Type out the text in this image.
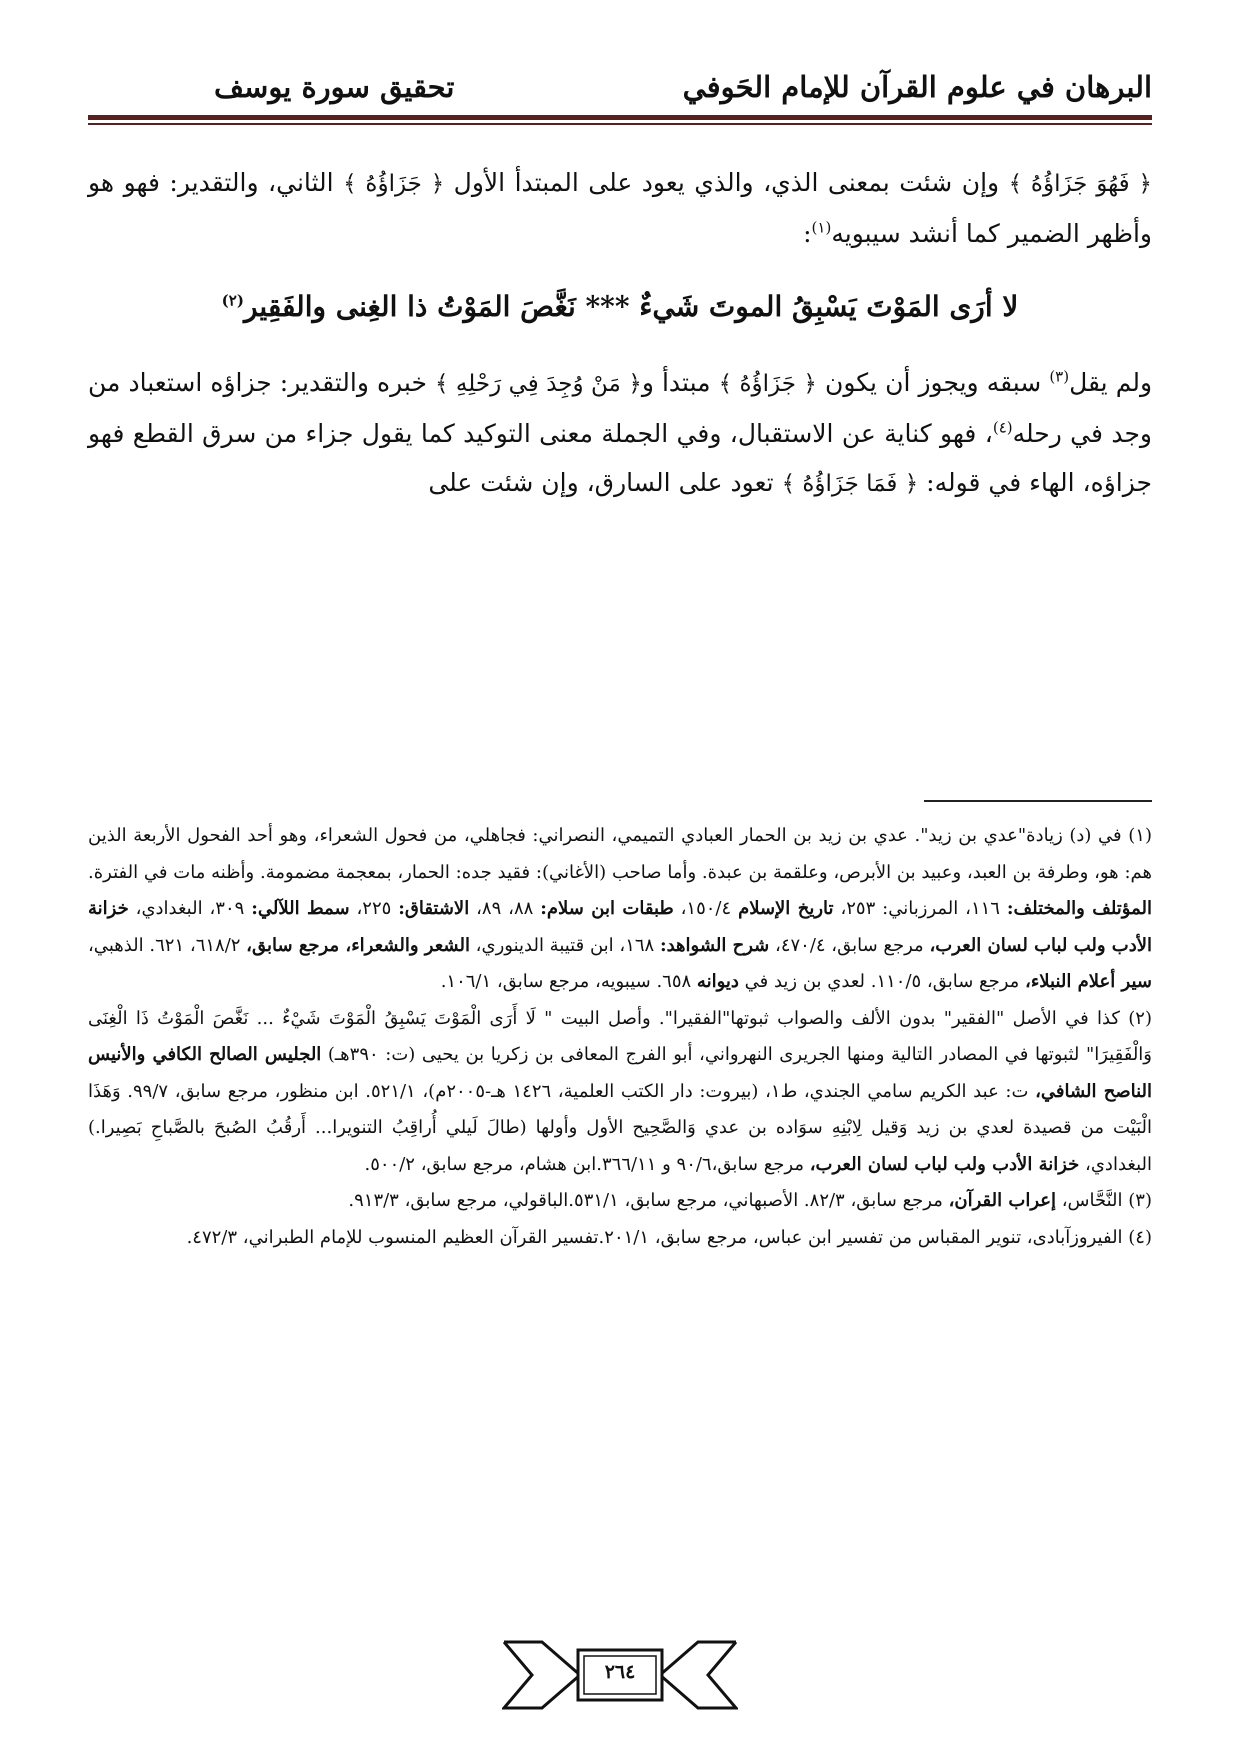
البرهان في علوم القرآن للإمام الحَوفي
تحقيق سورة يوسف

﴿ فَهُوَ جَزَاؤُهُ ﴾ وإن شئت بمعنى الذي، والذي يعود على المبتدأ الأول ﴿ جَزَاؤُهُ ﴾ الثاني، والتقدير: فهو هو وأظهر الضمير كما أنشد سيبويه$^{(١)}$:

لا أرَى المَوْتَ يَسْبِقُ الموتَ شَيءٌ *** نَغَّصَ المَوْتُ ذا الغِنى والفَقِير$^{(٢)}$

ولم يقل$^{(٣)}$ سبقه ويجوز أن يكون ﴿ جَزَاؤُهُ ﴾ مبتدأ و﴿ مَنْ وُجِدَ فِي رَحْلِهِ ﴾ خبره والتقدير: جزاؤه استعباد من وجد في رحله$^{(٤)}$، فهو كناية عن الاستقبال، وفي الجملة معنى التوكيد كما يقول جزاء من سرق القطع فهو جزاؤه، الهاء في قوله: ﴿ فَمَا جَزَاؤُهُ ﴾ تعود على السارق، وإن شئت على

(١) في (د) زيادة"عدي بن زيد". عدي بن زيد بن الحمار العبادي التميمي، النصراني: فجاهلي، من فحول الشعراء، وهو أحد الفحول الأربعة الذين هم: هو، وطرفة بن العبد، وعبيد بن الأبرص، وعلقمة بن عبدة. وأما صاحب (الأغاني): فقيد جده: الحمار، بمعجمة مضمومة. وأظنه مات في الفترة. المؤتلف والمختلف: ١١٦، المرزباني: ٢٥٣، تاريخ الإسلام ١٥٠/٤، طبقات ابن سلام: ٨٨، ٨٩، الاشتقاق: ٢٢٥، سمط اللآلي: ٣٠٩، البغدادي، خزانة الأدب ولب لباب لسان العرب، مرجع سابق، ٤٧٠/٤، شرح الشواهد: ١٦٨، ابن قتيبة الدينوري، الشعر والشعراء، مرجع سابق، ٦١٨/٢، ٦٢١. الذهبي، سير أعلام النبلاء، مرجع سابق، ١١٠/٥. لعدي بن زيد في ديوانه ٦٥٨. سيبويه، مرجع سابق، ١٠٦/١.

(٢) كذا في الأصل "الفقير" بدون الألف والصواب ثبوتها"الفقيرا". وأصل البيت " لَا أَرَى الْمَوْتَ يَسْبِقُ الْمَوْتَ شَيْءٌ ... نَغَّصَ الْمَوْتُ ذَا الْغِنَى وَالْفَقِيرَا" لثبوتها في المصادر التالية ومنها الجريرى النهرواني، أبو الفرج المعافى بن زكريا بن يحيى (ت: ٣٩٠هـ) الجليس الصالح الكافي والأنيس الناصح الشافي، ت: عبد الكريم سامي الجندي، ط١، (بيروت: دار الكتب العلمية، ١٤٢٦ هـ-٢٠٠٥م)، ٥٢١/١. ابن منظور، مرجع سابق، ٩٩/٧. وَهَذَا الْبَيْت من قصيدة لعدي بن زيد وَقيل لِابْنِهِ سوَاده بن عدي وَالصَّحِيح الأول وأولها (طالَ لَيلي أُراقِبُ التنويرا... أَرقُبُ الصُبحَ بالصَّباحِ بَصِيرا.) البغدادي، خزانة الأدب ولب لباب لسان العرب، مرجع سابق،٩٠/٦ و ٣٦٦/١١.ابن هشام، مرجع سابق، ٥٠٠/٢.

(٣) النَّحَّاس، إعراب القرآن، مرجع سابق، ٨٢/٣. الأصبهاني، مرجع سابق، ٥٣١/١.الباقولي، مرجع سابق، ٩١٣/٣.

(٤) الفيروزآبادى، تنوير المقباس من تفسير ابن عباس، مرجع سابق، ٢٠١/١.تفسير القرآن العظيم المنسوب للإمام الطبراني، ٤٧٢/٣.

٢٦٤
